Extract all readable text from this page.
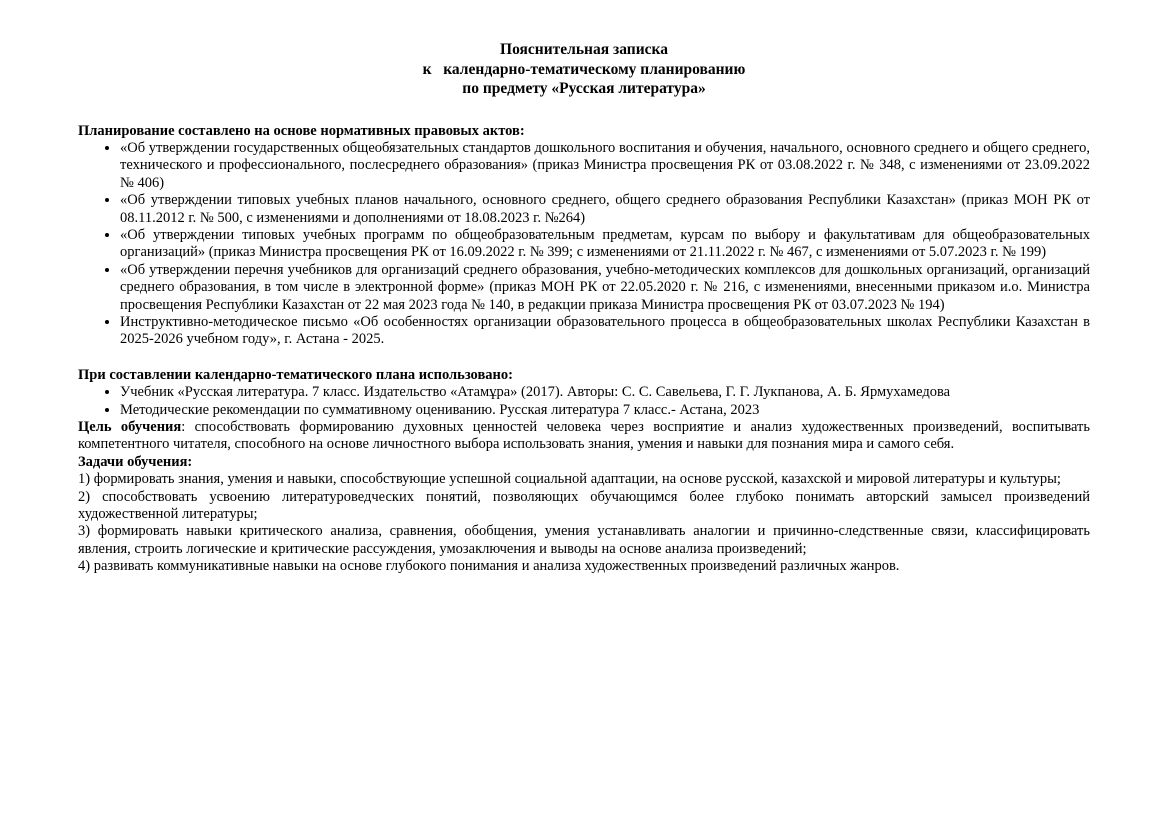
Пояснительная записка
к   календарно-тематическому планированию
по предмету «Русская литература»

Планирование составлено на основе нормативных правовых актов:

• «Об утверждении государственных общеобязательных стандартов дошкольного воспитания и обучения, начального, основного среднего и общего среднего, технического и профессионального, послесреднего образования» (приказ Министра просвещения РК от 03.08.2022 г. № 348, с изменениями от 23.09.2022 № 406)
• «Об утверждении типовых учебных планов начального, основного среднего, общего среднего образования Республики Казахстан» (приказ МОН РК от 08.11.2012 г. № 500, с изменениями и дополнениями от 18.08.2023 г. №264)
• «Об утверждении типовых учебных программ по общеобразовательным предметам, курсам по выбору и факультативам для общеобразовательных организаций» (приказ Министра просвещения РК от 16.09.2022 г. № 399; с изменениями от 21.11.2022 г. № 467, с изменениями от 5.07.2023 г. № 199)
• «Об утверждении перечня учебников для организаций среднего образования, учебно-методических комплексов для дошкольных организаций, организаций среднего образования, в том числе в электронной форме» (приказ МОН РК от 22.05.2020 г. № 216, с изменениями, внесенными приказом и.о. Министра просвещения Республики Казахстан от 22 мая 2023 года № 140, в редакции приказа Министра просвещения РК от 03.07.2023 № 194)
• Инструктивно-методическое письмо «Об особенностях организации образовательного процесса в общеобразовательных школах Республики Казахстан в 2025-2026 учебном году», г. Астана - 2025.

При составлении календарно-тематического плана использовано:

• Учебник «Русская литература. 7 класс. Издательство «Атамұра» (2017). Авторы: С. С. Савельева, Г. Г. Лукпанова, А. Б. Ярмухамедова
• Методические рекомендации по суммативному оцениванию. Русская литература 7 класс.- Астана, 2023

Цель обучения: способствовать формированию духовных ценностей человека через восприятие и анализ художественных произведений, воспитывать компетентного читателя, способного на основе личностного выбора использовать знания, умения и навыки для познания мира и самого себя.

Задачи обучения:

1) формировать знания, умения и навыки, способствующие успешной социальной адаптации, на основе русской, казахской и мировой литературы и культуры;

2) способствовать усвоению литературоведческих понятий, позволяющих обучающимся более глубоко понимать авторский замысел произведений художественной литературы;

3) формировать навыки критического анализа, сравнения, обобщения, умения устанавливать аналогии и причинно-следственные связи, классифицировать явления, строить логические и критические рассуждения, умозаключения и выводы на основе анализа произведений;

4) развивать коммуникативные навыки на основе глубокого понимания и анализа художественных произведений различных жанров.
